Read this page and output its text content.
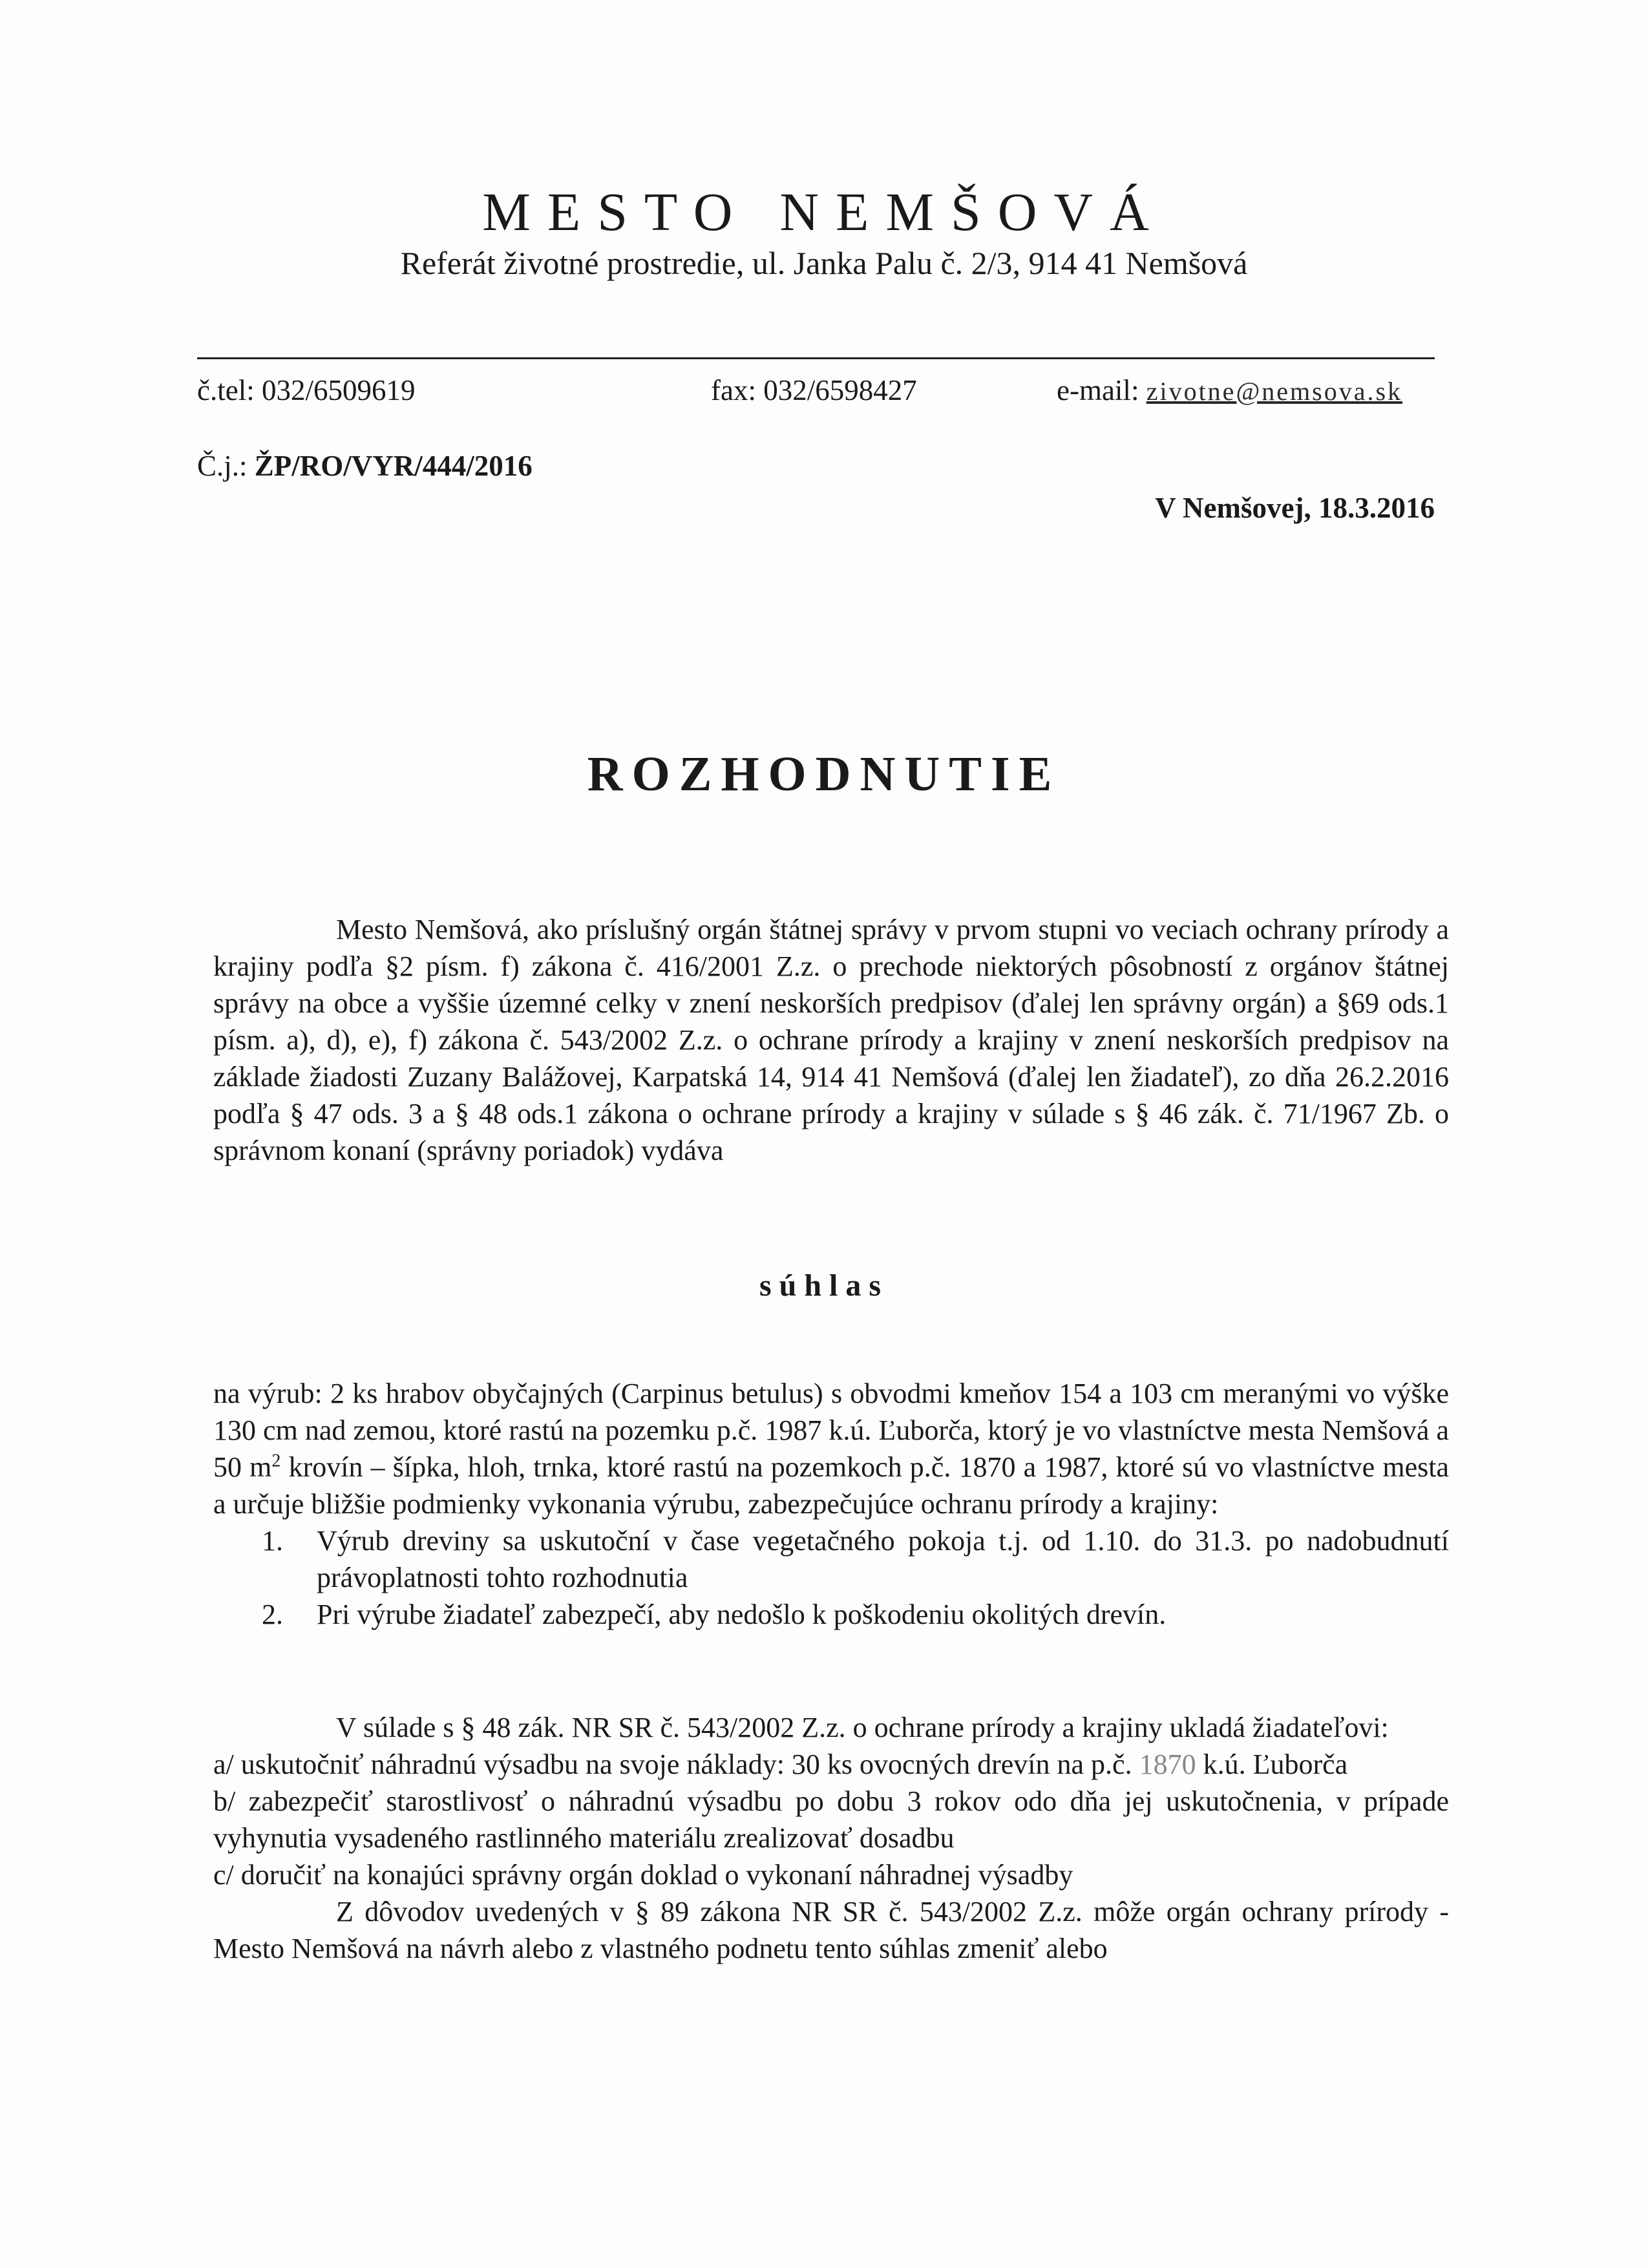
MESTO NEMŠOVÁ
Referát životné prostredie, ul. Janka Palu č. 2/3, 914 41 Nemšová
č.tel: 032/6509619	fax: 032/6598427	e-mail: zivotne@nemsova.sk
Č.j.: ŽP/RO/VYR/444/2016
V Nemšovej, 18.3.2016
ROZHODNUTIE

Mesto Nemšová, ako príslušný orgán štátnej správy v prvom stupni vo veciach ochrany prírody a krajiny podľa §2 písm. f) zákona č. 416/2001 Z.z. o prechode niektorých pôsobností z orgánov štátnej správy na obce a vyššie územné celky v znení neskorších predpisov (ďalej len správny orgán) a §69 ods.1 písm. a), d), e), f) zákona č. 543/2002 Z.z. o ochrane prírody a krajiny v znení neskorších predpisov na základe žiadosti Zuzany Balážovej, Karpatská 14, 914 41 Nemšová (ďalej len žiadateľ), zo dňa 26.2.2016 podľa § 47 ods. 3 a § 48 ods.1 zákona o ochrane prírody a krajiny v súlade s § 46 zák. č. 71/1967 Zb. o správnom konaní (správny poriadok) vydáva

súhlas

na výrub: 2 ks hrabov obyčajných (Carpinus betulus) s obvodmi kmeňov 154 a 103 cm meranými vo výške 130 cm nad zemou, ktoré rastú na pozemku p.č. 1987 k.ú. Ľuborča, ktorý je vo vlastníctve mesta Nemšová a 50 $m^2$ krovín – šípka, hloh, trnka, ktoré rastú na pozemkoch p.č. 1870 a 1987, ktoré sú vo vlastníctve mesta a určuje bližšie podmienky vykonania výrubu, zabezpečujúce ochranu prírody a krajiny:

1. Výrub dreviny sa uskutoční v čase vegetačného pokoja t.j. od 1.10. do 31.3. po nadobudnutí právoplatnosti tohto rozhodnutia
2. Pri výrube žiadateľ zabezpečí, aby nedošlo k poškodeniu okolitých drevín.

V súlade s § 48 zák. NR SR č. 543/2002 Z.z. o ochrane prírody a krajiny ukladá žiadateľovi:

a/ uskutočniť náhradnú výsadbu na svoje náklady: 30 ks ovocných drevín na p.č. 1870 k.ú. Ľuborča

b/ zabezpečiť starostlivosť o náhradnú výsadbu po dobu 3 rokov odo dňa jej uskutočnenia, v prípade vyhynutia vysadeného rastlinného materiálu zrealizovať dosadbu

c/ doručiť na konajúci správny orgán doklad o vykonaní náhradnej výsadby

Z dôvodov uvedených v § 89 zákona NR SR č. 543/2002 Z.z. môže orgán ochrany prírody - Mesto Nemšová na návrh alebo z vlastného podnetu tento súhlas zmeniť alebo
